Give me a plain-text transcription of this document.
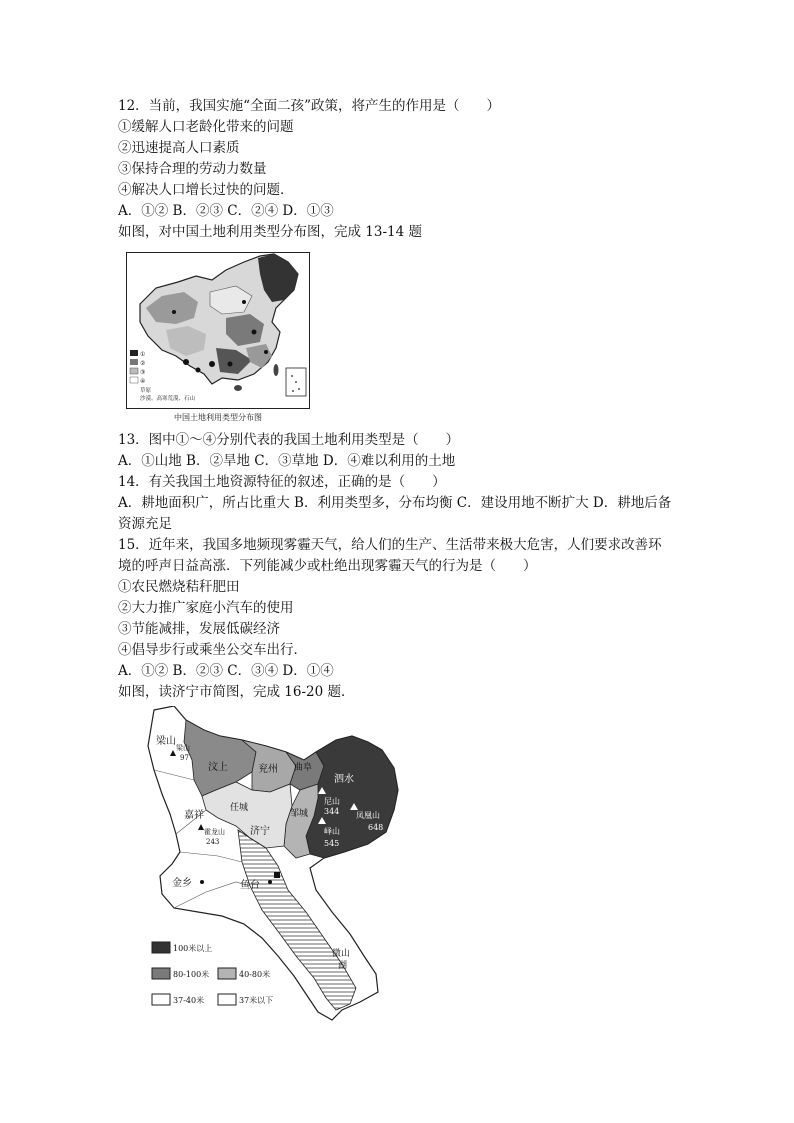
12．当前，我国实施“全面二孩”政策，将产生的作用是（　　）
①缓解人口老龄化带来的问题
②迅速提高人口素质
③保持合理的劳动力数量
④解决人口增长过快的问题．
A．①② B．②③ C．②④ D．①③
如图，对中国土地利用类型分布图，完成 13-14 题
①
②
③
④
草原
沙漠、高寒荒漠、石山
中国土地利用类型分布图
13．图中①～④分别代表的我国土地利用类型是（　　）
A．①山地 B．②旱地 C．③草地 D．④难以利用的土地
14．有关我国土地资源特征的叙述，正确的是（　　）
A．耕地面积广，所占比重大 B．利用类型多，分布均衡 C．建设用地不断扩大 D．耕地后备
资源充足
15．近年来，我国多地频现雾霾天气，给人们的生产、生活带来极大危害，人们要求改善环
境的呼声日益高涨．下列能减少或杜绝出现雾霾天气的行为是（　　）
①农民燃烧秸秆肥田
②大力推广家庭小汽车的使用
③节能减排，发展低碳经济
④倡导步行或乘坐公交车出行．
A．①② B．②③ C．③④ D．①④
如图，读济宁市简图，完成 16-20 题．
梁山
梁山
97
汶上	兖州 曲阜
泗水
嘉祥
任城
济宁
邹城
尼山
344 凤凰山
648
峄山
545
霍龙山
243
金乡	鱼台
微山
湖
100米以上
80-100米	40-80米
37-40米	37米以下
